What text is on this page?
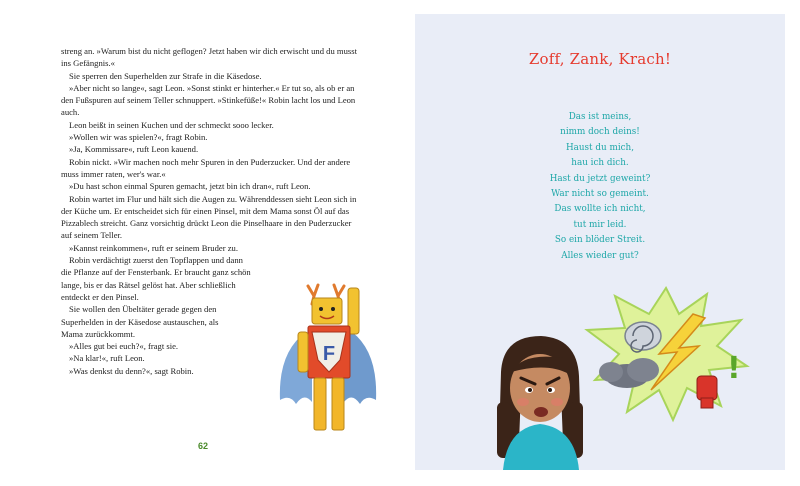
streng an. »Warum bist du nicht geflogen? Jetzt haben wir dich erwischt und du musst ins Gefängnis.«

Sie sperren den Superhelden zur Strafe in die Käsedose.

»Aber nicht so lange«, sagt Leon. »Sonst stinkt er hinterher.« Er tut so, als ob er an den Fußspuren auf seinem Teller schnuppert. »Stinkefüße!« Robin lacht los und Leon auch.

Leon beißt in seinen Kuchen und der schmeckt sooo lecker.

»Wollen wir was spielen?«, fragt Robin.

»Ja, Kommissare«, ruft Leon kauend.

Robin nickt. »Wir machen noch mehr Spuren in den Puderzucker. Und der andere muss immer raten, wer's war.«

»Du hast schon einmal Spuren gemacht, jetzt bin ich dran«, ruft Leon.

Robin wartet im Flur und hält sich die Augen zu. Währenddessen sieht Leon sich in der Küche um. Er entscheidet sich für einen Pinsel, mit dem Mama sonst Öl auf das Pizzablech streicht. Ganz vorsichtig drückt Leon die Pinselhaare in den Puderzucker auf seinem Teller.

»Kannst reinkommen«, ruft er seinem Bruder zu.

Robin verdächtigt zuerst den Topflappen und dann die Pflanze auf der Fensterbank. Er braucht ganz schön lange, bis er das Rätsel gelöst hat. Aber schließlich entdeckt er den Pinsel.

Sie wollen den Übeltäter gerade gegen den Superhelden in der Käsedose austauschen, als Mama zurückkommt.

»Alles gut bei euch?«, fragt sie.

»Na klar!«, ruft Leon.

»Was denkst du denn?«, sagt Robin.

F
62
Zoff, Zank, Krach!
Das ist meins,
nimm doch deins!
Haust du mich,
hau ich dich.
Hast du jetzt geweint?
War nicht so gemeint.
Das wollte ich nicht,
tut mir leid.
So ein blöder Streit.
Alles wieder gut?
!
